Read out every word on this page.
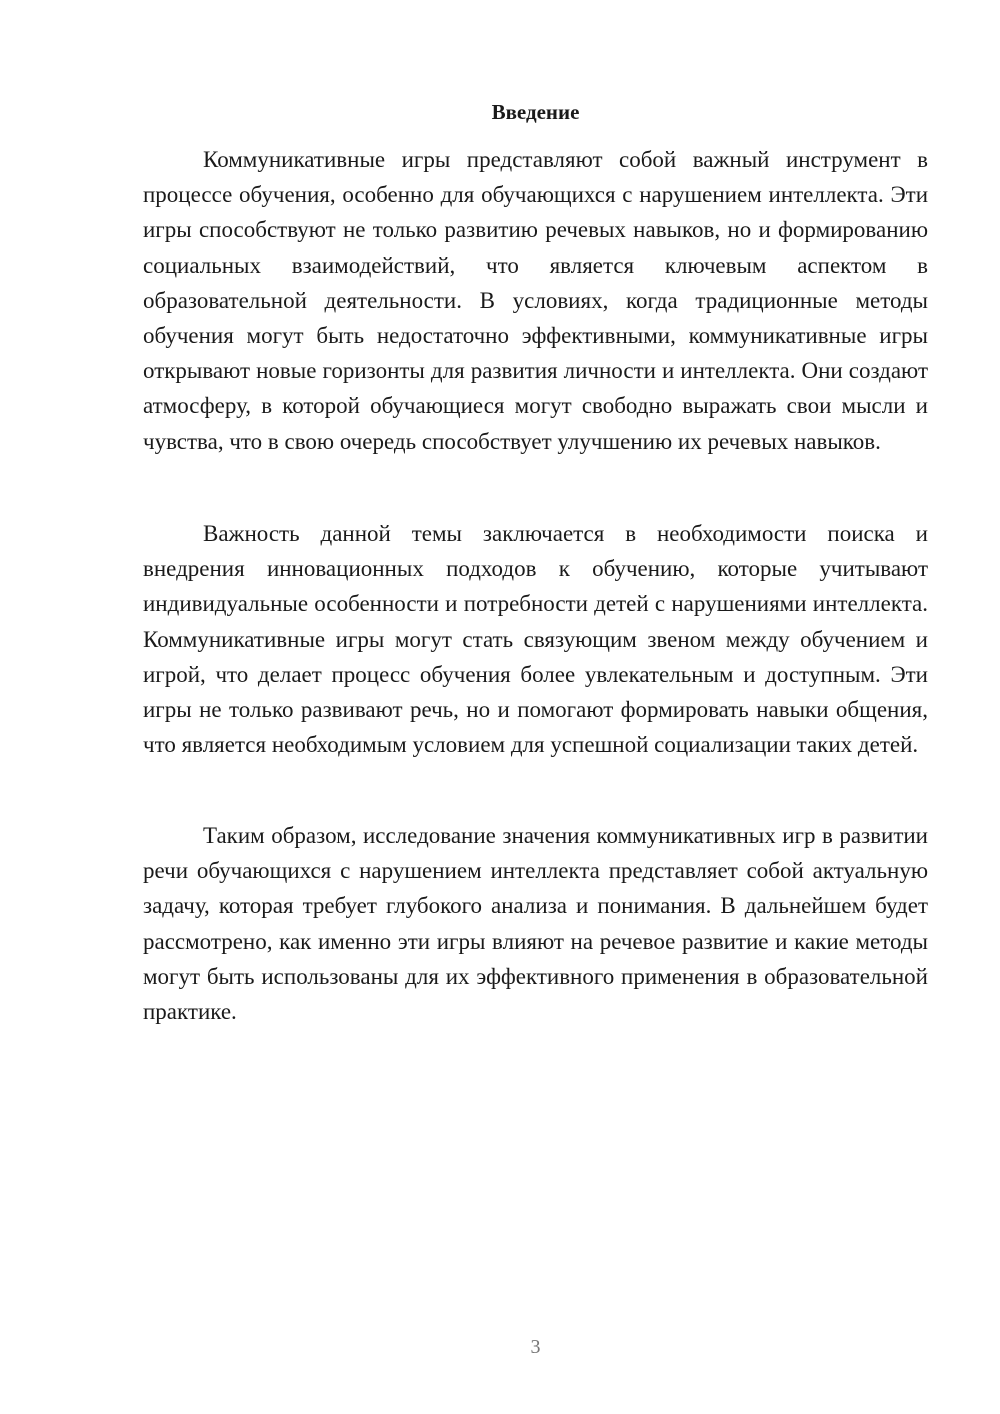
Введение

Коммуникативные игры представляют собой важный инструмент в процессе обучения, особенно для обучающихся с нарушением интеллекта. Эти игры способствуют не только развитию речевых навыков, но и формированию социальных взаимодействий, что является ключевым аспектом в образовательной деятельности. В условиях, когда традиционные методы обучения могут быть недостаточно эффективными, коммуникативные игры открывают новые горизонты для развития личности и интеллекта. Они создают атмосферу, в которой обучающиеся могут свободно выражать свои мысли и чувства, что в свою очередь способствует улучшению их речевых навыков.

Важность данной темы заключается в необходимости поиска и внедрения инновационных подходов к обучению, которые учитывают индивидуальные особенности и потребности детей с нарушениями интеллекта. Коммуникативные игры могут стать связующим звеном между обучением и игрой, что делает процесс обучения более увлекательным и доступным. Эти игры не только развивают речь, но и помогают формировать навыки общения, что является необходимым условием для успешной социализации таких детей.

Таким образом, исследование значения коммуникативных игр в развитии речи обучающихся с нарушением интеллекта представляет собой актуальную задачу, которая требует глубокого анализа и понимания. В дальнейшем будет рассмотрено, как именно эти игры влияют на речевое развитие и какие методы могут быть использованы для их эффективного применения в образовательной практике.

3
